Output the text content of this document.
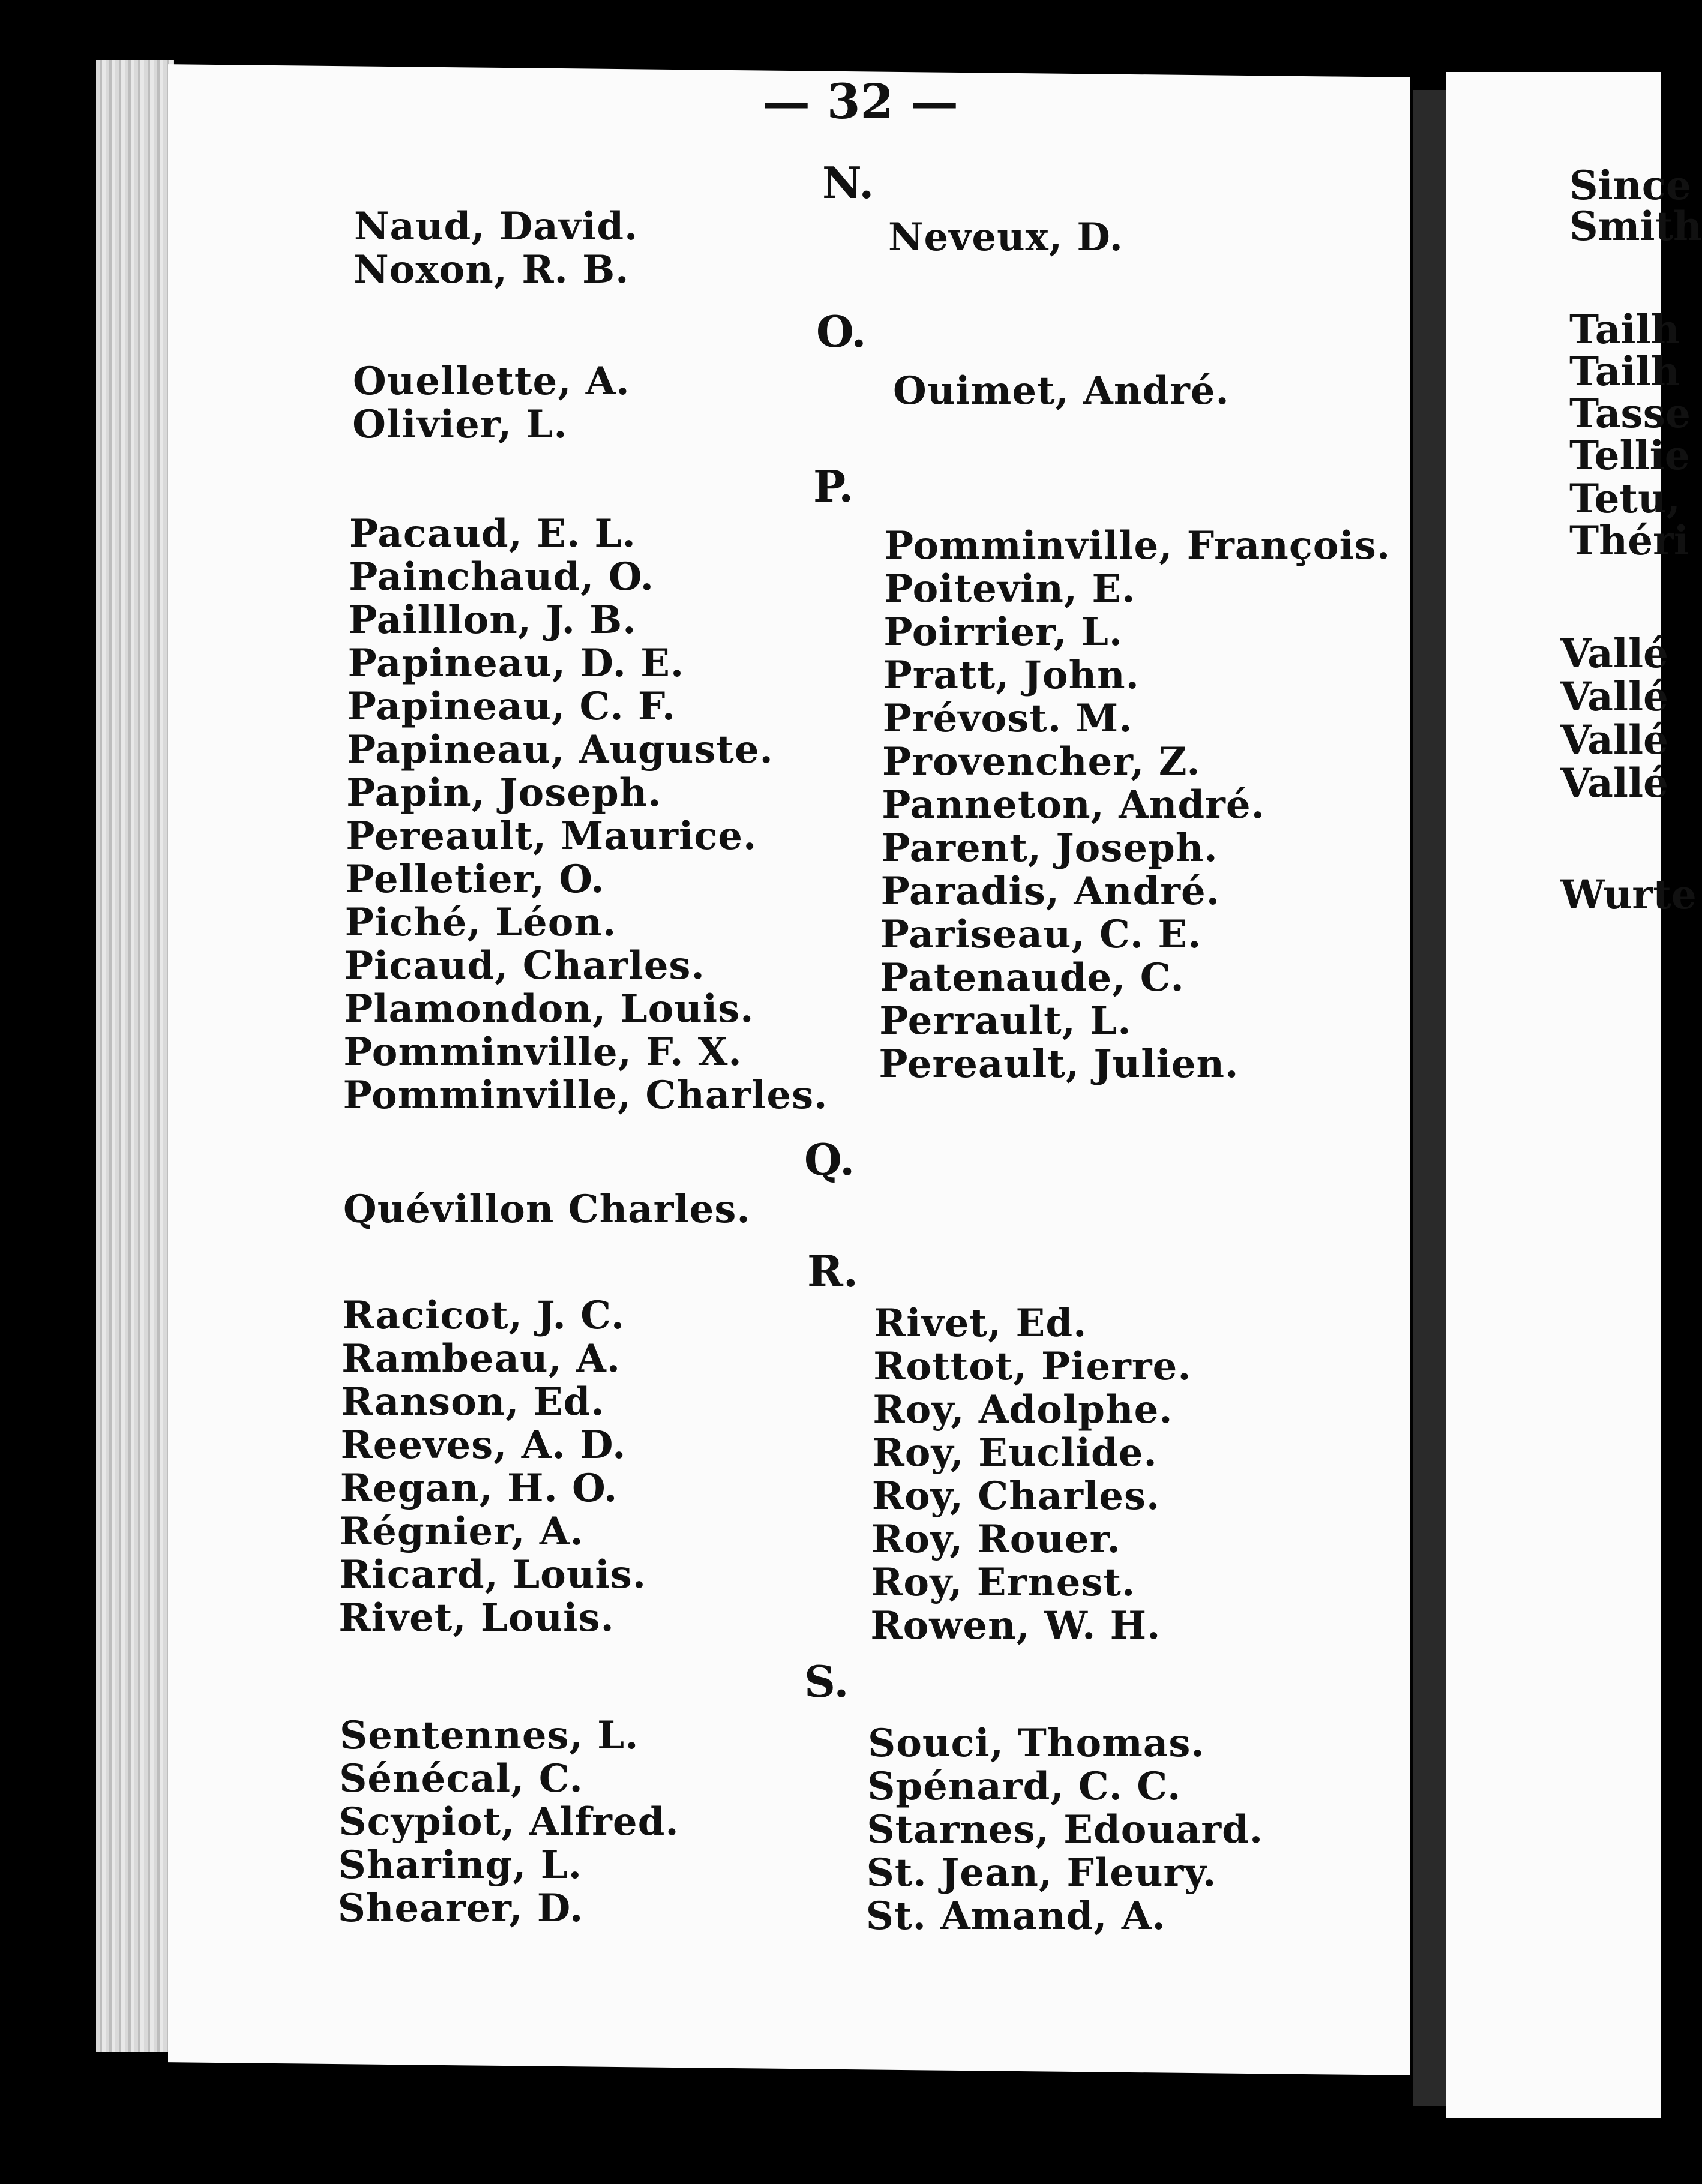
Since
Smith
Tailh
Tailh
Tasse
Tellie
Tetu,
Théri
Vallé
Vallé
Vallé
Vallé
Wurte
— 32 —
N.
Naud, David.
Noxon, R. B.
Neveux, D.
O.
Ouellette, A.
Olivier, L.
Ouimet, André.
P.
Pacaud, E. L.
Painchaud, O.
Pailllon, J. B.
Papineau, D. E.
Papineau, C. F.
Papineau, Auguste.
Papin, Joseph.
Pereault, Maurice.
Pelletier, O.
Piché, Léon.
Picaud, Charles.
Plamondon, Louis.
Pomminville, F. X.
Pomminville, Charles.
Pomminville, François.
Poitevin, E.
Poirrier, L.
Pratt, John.
Prévost. M.
Provencher, Z.
Panneton, André.
Parent, Joseph.
Paradis, André.
Pariseau, C. E.
Patenaude, C.
Perrault, L.
Pereault, Julien.
Q.
Quévillon Charles.
R.
Racicot, J. C.
Rambeau, A.
Ranson, Ed.
Reeves, A. D.
Regan, H. O.
Régnier, A.
Ricard, Louis.
Rivet, Louis.
Rivet, Ed.
Rottot, Pierre.
Roy, Adolphe.
Roy, Euclide.
Roy, Charles.
Roy, Rouer.
Roy, Ernest.
Rowen, W. H.
S.
Sentennes, L.
Sénécal, C.
Scypiot, Alfred.
Sharing, L.
Shearer, D.
Souci, Thomas.
Spénard, C. C.
Starnes, Edouard.
St. Jean, Fleury.
St. Amand, A.
